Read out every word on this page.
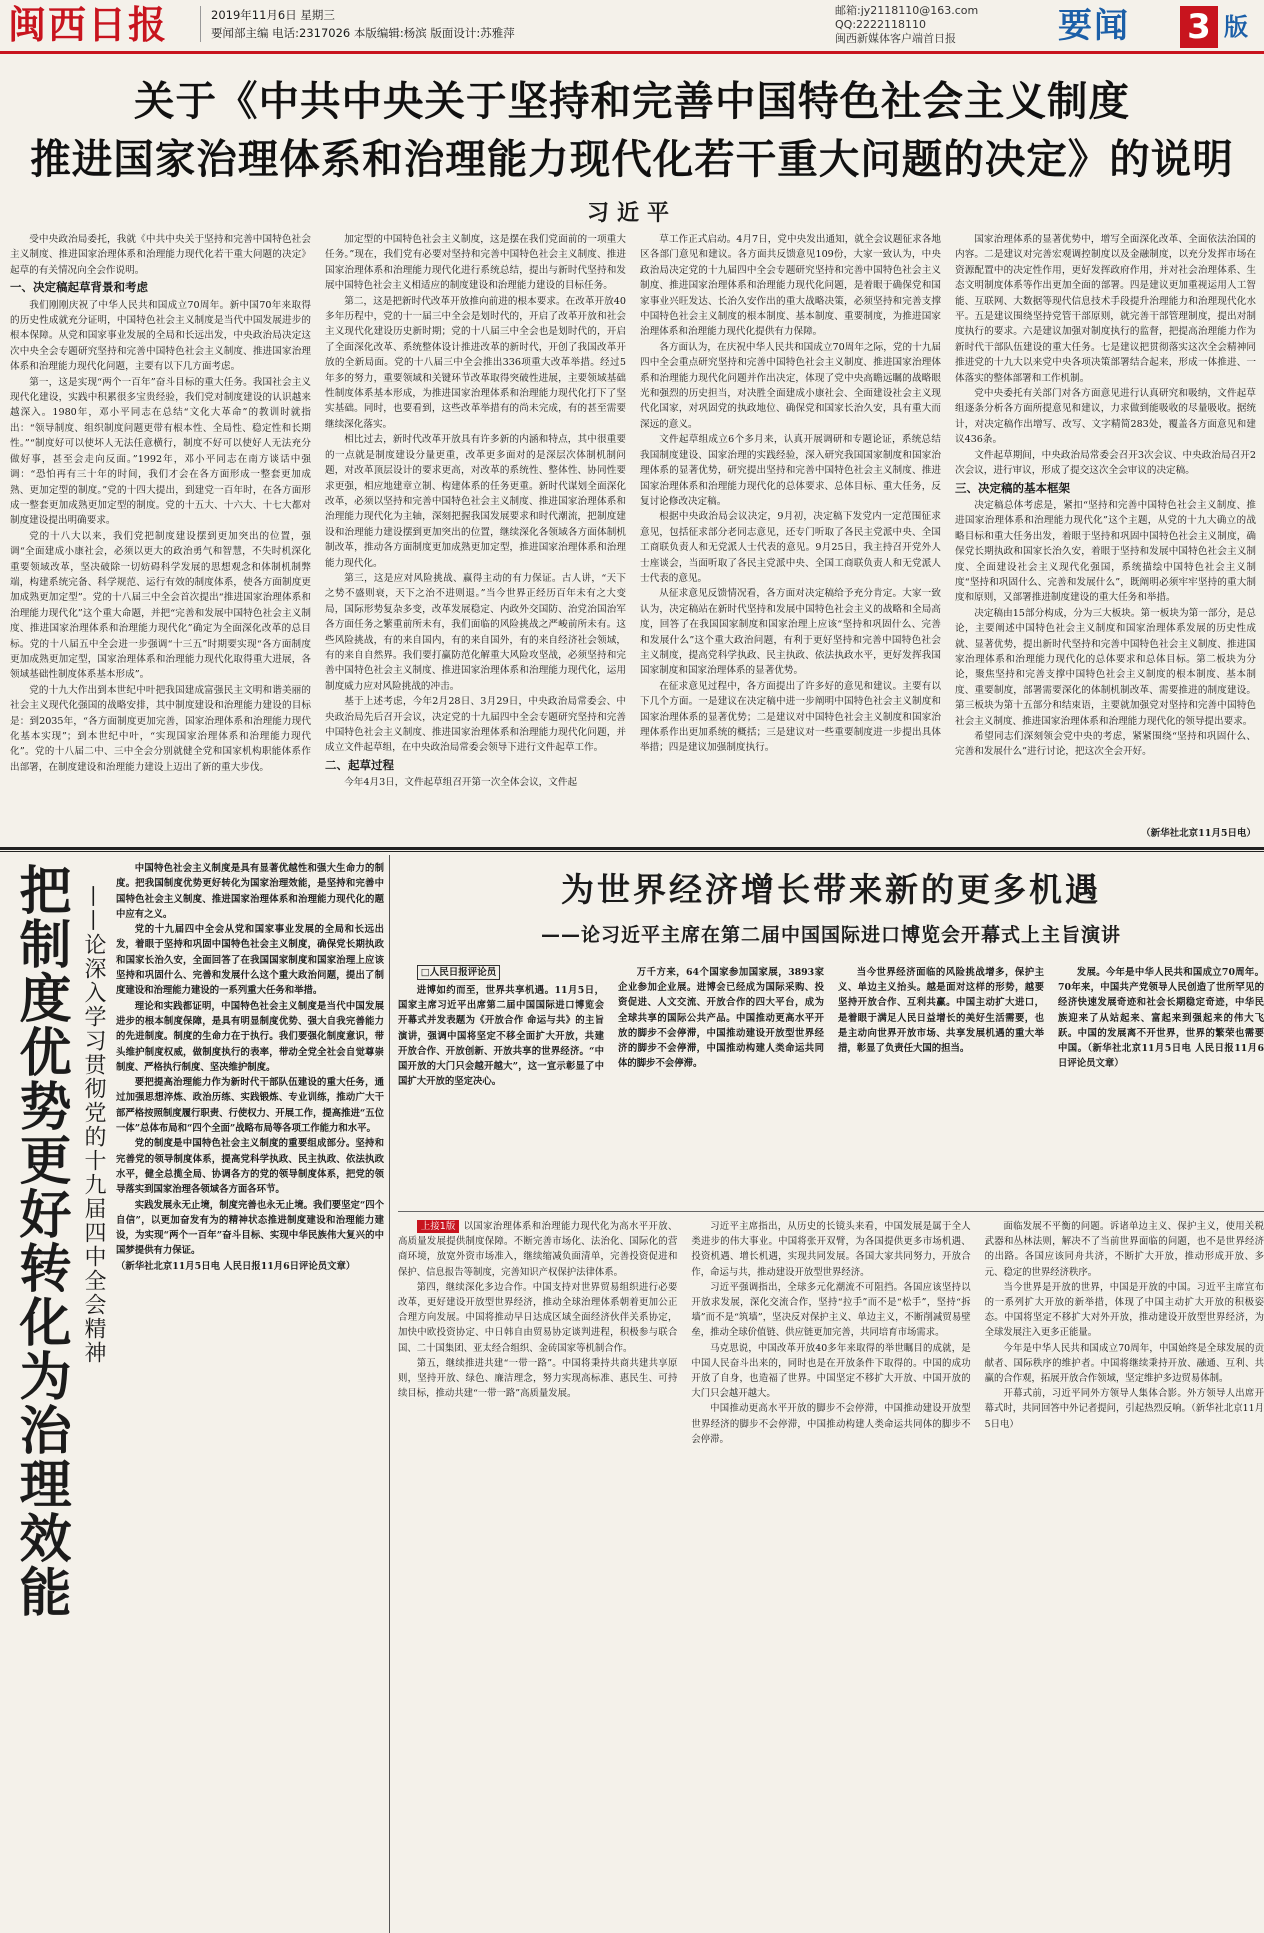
闽西日报	2019年11月6日 星期三
要闻部主编 电话:2317026 本版编辑:杨滨 版面设计:苏雅萍
邮箱:jy2118110@163.com
QQ:2222118110
闽西新媒体客户端首日报	要闻	3 版
关于《中共中央关于坚持和完善中国特色社会主义制度
推进国家治理体系和治理能力现代化若干重大问题的决定》的说明
习近平

受中央政治局委托，我就《中共中央关于坚持和完善中国特色社会主义制度、推进国家治理体系和治理能力现代化若干重大问题的决定》起草的有关情况向全会作说明。

一、决定稿起草背景和考虑

我们刚刚庆祝了中华人民共和国成立70周年。新中国70年来取得的历史性成就充分证明，中国特色社会主义制度是当代中国发展进步的根本保障。从党和国家事业发展的全局和长远出发，中央政治局决定这次中央全会专题研究坚持和完善中国特色社会主义制度、推进国家治理体系和治理能力现代化问题，主要有以下几方面考虑。

第一，这是实现“两个一百年”奋斗目标的重大任务。我国社会主义现代化建设，实践中积累很多宝贵经验，我们党对制度建设的认识越来越深入。1980年，邓小平同志在总结“文化大革命”的教训时就指出：“领导制度、组织制度问题更带有根本性、全局性、稳定性和长期性。”“制度好可以使坏人无法任意横行，制度不好可以使好人无法充分做好事，甚至会走向反面。”1992年，邓小平同志在南方谈话中强调：“恐怕再有三十年的时间，我们才会在各方面形成一整套更加成熟、更加定型的制度。”党的十四大提出，到建党一百年时，在各方面形成一整套更加成熟更加定型的制度。党的十五大、十六大、十七大都对制度建设提出明确要求。

党的十八大以来，我们党把制度建设摆到更加突出的位置，强调“全面建成小康社会，必须以更大的政治勇气和智慧，不失时机深化重要领域改革，坚决破除一切妨碍科学发展的思想观念和体制机制弊端，构建系统完备、科学规范、运行有效的制度体系，使各方面制度更加成熟更加定型”。党的十八届三中全会首次提出“推进国家治理体系和治理能力现代化”这个重大命题，并把“完善和发展中国特色社会主义制度、推进国家治理体系和治理能力现代化”确定为全面深化改革的总目标。党的十八届五中全会进一步强调“十三五”时期要实现“各方面制度更加成熟更加定型，国家治理体系和治理能力现代化取得重大进展，各领域基础性制度体系基本形成”。

党的十九大作出到本世纪中叶把我国建成富强民主文明和谐美丽的社会主义现代化强国的战略安排，其中制度建设和治理能力建设的目标是：到2035年，“各方面制度更加完善，国家治理体系和治理能力现代化基本实现”；到本世纪中叶，“实现国家治理体系和治理能力现代化”。党的十八届二中、三中全会分别就健全党和国家机构职能体系作出部署，在制度建设和治理能力建设上迈出了新的重大步伐。

加定型的中国特色社会主义制度，这是摆在我们党面前的一项重大任务。”现在，我们党有必要对坚持和完善中国特色社会主义制度、推进国家治理体系和治理能力现代化进行系统总结，提出与新时代坚持和发展中国特色社会主义相适应的制度建设和治理能力建设的目标任务。

第二，这是把新时代改革开放推向前进的根本要求。在改革开放40多年历程中，党的十一届三中全会是划时代的，开启了改革开放和社会主义现代化建设历史新时期；党的十八届三中全会也是划时代的，开启了全面深化改革、系统整体设计推进改革的新时代，开创了我国改革开放的全新局面。党的十八届三中全会推出336项重大改革举措。经过5年多的努力，重要领域和关键环节改革取得突破性进展，主要领域基础性制度体系基本形成，为推进国家治理体系和治理能力现代化打下了坚实基础。同时，也要看到，这些改革举措有的尚未完成，有的甚至需要继续深化落实。

相比过去，新时代改革开放具有许多新的内涵和特点，其中很重要的一点就是制度建设分量更重，改革更多面对的是深层次体制机制问题，对改革顶层设计的要求更高，对改革的系统性、整体性、协同性要求更强，相应地建章立制、构建体系的任务更重。新时代谋划全面深化改革，必须以坚持和完善中国特色社会主义制度、推进国家治理体系和治理能力现代化为主轴，深刻把握我国发展要求和时代潮流，把制度建设和治理能力建设摆到更加突出的位置，继续深化各领域各方面体制机制改革，推动各方面制度更加成熟更加定型，推进国家治理体系和治理能力现代化。

第三，这是应对风险挑战、赢得主动的有力保证。古人讲，“天下之势不盛则衰，天下之治不进则退。”当今世界正经历百年未有之大变局，国际形势复杂多变，改革发展稳定、内政外交国防、治党治国治军各方面任务之繁重前所未有，我们面临的风险挑战之严峻前所未有。这些风险挑战，有的来自国内，有的来自国外，有的来自经济社会领域，有的来自自然界。我们要打赢防范化解重大风险攻坚战，必须坚持和完善中国特色社会主义制度、推进国家治理体系和治理能力现代化，运用制度威力应对风险挑战的冲击。

基于上述考虑，今年2月28日、3月29日，中央政治局常委会、中央政治局先后召开会议，决定党的十九届四中全会专题研究坚持和完善中国特色社会主义制度、推进国家治理体系和治理能力现代化问题，并成立文件起草组，在中央政治局常委会领导下进行文件起草工作。

二、起草过程

今年4月3日，文件起草组召开第一次全体会议，文件起

草工作正式启动。4月7日，党中央发出通知，就全会议题征求各地区各部门意见和建议。各方面共反馈意见109份，大家一致认为，中央政治局决定党的十九届四中全会专题研究坚持和完善中国特色社会主义制度、推进国家治理体系和治理能力现代化问题，是着眼于确保党和国家事业兴旺发达、长治久安作出的重大战略决策，必须坚持和完善支撑中国特色社会主义制度的根本制度、基本制度、重要制度，为推进国家治理体系和治理能力现代化提供有力保障。

各方面认为，在庆祝中华人民共和国成立70周年之际，党的十九届四中全会重点研究坚持和完善中国特色社会主义制度、推进国家治理体系和治理能力现代化问题并作出决定，体现了党中央高瞻远瞩的战略眼光和强烈的历史担当，对决胜全面建成小康社会、全面建设社会主义现代化国家，对巩固党的执政地位、确保党和国家长治久安，具有重大而深远的意义。

文件起草组成立6个多月来，认真开展调研和专题论证，系统总结我国制度建设、国家治理的实践经验，深入研究我国国家制度和国家治理体系的显著优势，研究提出坚持和完善中国特色社会主义制度、推进国家治理体系和治理能力现代化的总体要求、总体目标、重大任务，反复讨论修改决定稿。

根据中央政治局会议决定，9月初，决定稿下发党内一定范围征求意见，包括征求部分老同志意见，还专门听取了各民主党派中央、全国工商联负责人和无党派人士代表的意见。9月25日，我主持召开党外人士座谈会，当面听取了各民主党派中央、全国工商联负责人和无党派人士代表的意见。

从征求意见反馈情况看，各方面对决定稿给予充分肯定。大家一致认为，决定稿站在新时代坚持和发展中国特色社会主义的战略和全局高度，回答了在我国国家制度和国家治理上应该“坚持和巩固什么、完善和发展什么”这个重大政治问题，有利于更好坚持和完善中国特色社会主义制度，提高党科学执政、民主执政、依法执政水平，更好发挥我国国家制度和国家治理体系的显著优势。

在征求意见过程中，各方面提出了许多好的意见和建议。主要有以下几个方面。一是建议在决定稿中进一步阐明中国特色社会主义制度和国家治理体系的显著优势；二是建议对中国特色社会主义制度和国家治理体系作出更加系统的概括；三是建议对一些重要制度进一步提出具体举措；四是建议加强制度执行。

国家治理体系的显著优势中，增写全面深化改革、全面依法治国的内容。二是建议对完善宏观调控制度以及金融制度，以充分发挥市场在资源配置中的决定性作用，更好发挥政府作用，并对社会治理体系、生态文明制度体系等作出更加全面的部署。四是建议更加重视运用人工智能、互联网、大数据等现代信息技术手段提升治理能力和治理现代化水平。五是建议围绕坚持党管干部原则，就完善干部管理制度，提出对制度执行的要求。六是建议加强对制度执行的监督，把提高治理能力作为新时代干部队伍建设的重大任务。七是建议把贯彻落实这次全会精神同推进党的十九大以来党中央各项决策部署结合起来，形成一体推进、一体落实的整体部署和工作机制。

党中央委托有关部门对各方面意见进行认真研究和吸纳，文件起草组逐条分析各方面所提意见和建议，力求做到能吸收的尽量吸收。据统计，对决定稿作出增写、改写、文字精简283处，覆盖各方面意见和建议436条。

文件起草期间，中央政治局常委会召开3次会议、中央政治局召开2次会议，进行审议，形成了提交这次全会审议的决定稿。

三、决定稿的基本框架

决定稿总体考虑是，紧扣“坚持和完善中国特色社会主义制度、推进国家治理体系和治理能力现代化”这个主题，从党的十九大确立的战略目标和重大任务出发，着眼于坚持和巩固中国特色社会主义制度，确保党长期执政和国家长治久安，着眼于坚持和发展中国特色社会主义制度、全面建设社会主义现代化强国，系统描绘中国特色社会主义制度“坚持和巩固什么、完善和发展什么”，既阐明必须牢牢坚持的重大制度和原则，又部署推进制度建设的重大任务和举措。

决定稿由15部分构成，分为三大板块。第一板块为第一部分，是总论，主要阐述中国特色社会主义制度和国家治理体系发展的历史性成就、显著优势，提出新时代坚持和完善中国特色社会主义制度、推进国家治理体系和治理能力现代化的总体要求和总体目标。第二板块为分论，聚焦坚持和完善支撑中国特色社会主义制度的根本制度、基本制度、重要制度，部署需要深化的体制机制改革、需要推进的制度建设。第三板块为第十五部分和结束语，主要就加强党对坚持和完善中国特色社会主义制度、推进国家治理体系和治理能力现代化的领导提出要求。

希望同志们深刻领会党中央的考虑，紧紧围绕“坚持和巩固什么、完善和发展什么”进行讨论，把这次全会开好。

（新华社北京11月5日电）
把制度优势更好转化为治理效能 ——论深入学习贯彻党的十九届四中全会精神

中国特色社会主义制度是具有显著优越性和强大生命力的制度。把我国制度优势更好转化为国家治理效能，是坚持和完善中国特色社会主义制度、推进国家治理体系和治理能力现代化的题中应有之义。

党的十九届四中全会从党和国家事业发展的全局和长远出发，着眼于坚持和巩固中国特色社会主义制度，确保党长期执政和国家长治久安，全面回答了在我国国家制度和国家治理上应该坚持和巩固什么、完善和发展什么这个重大政治问题，提出了制度建设和治理能力建设的一系列重大任务和举措。

理论和实践都证明，中国特色社会主义制度是当代中国发展进步的根本制度保障，是具有明显制度优势、强大自我完善能力的先进制度。制度的生命力在于执行。我们要强化制度意识，带头维护制度权威，做制度执行的表率，带动全党全社会自觉尊崇制度、严格执行制度、坚决维护制度。

要把提高治理能力作为新时代干部队伍建设的重大任务，通过加强思想淬炼、政治历练、实践锻炼、专业训练，推动广大干部严格按照制度履行职责、行使权力、开展工作，提高推进“五位一体”总体布局和“四个全面”战略布局等各项工作能力和水平。

党的制度是中国特色社会主义制度的重要组成部分。坚持和完善党的领导制度体系，提高党科学执政、民主执政、依法执政水平，健全总揽全局、协调各方的党的领导制度体系，把党的领导落实到国家治理各领域各方面各环节。

实践发展永无止境，制度完善也永无止境。我们要坚定“四个自信”，以更加奋发有为的精神状态推进制度建设和治理能力建设，为实现“两个一百年”奋斗目标、实现中华民族伟大复兴的中国梦提供有力保证。

（新华社北京11月5日电 人民日报11月6日评论员文章）

为世界经济增长带来新的更多机遇
——论习近平主席在第二届中国国际进口博览会开幕式上主旨演讲
□人民日报评论员

进博如约而至，世界共享机遇。11月5日，国家主席习近平出席第二届中国国际进口博览会开幕式并发表题为《开放合作 命运与共》的主旨演讲，强调中国将坚定不移全面扩大开放，共建开放合作、开放创新、开放共享的世界经济。“中国开放的大门只会越开越大”，这一宣示彰显了中国扩大开放的坚定决心。

万千方来，64个国家参加国家展，3893家企业参加企业展。进博会已经成为国际采购、投资促进、人文交流、开放合作的四大平台，成为全球共享的国际公共产品。中国推动更高水平开放的脚步不会停滞，中国推动建设开放型世界经济的脚步不会停滞，中国推动构建人类命运共同体的脚步不会停滞。

当今世界经济面临的风险挑战增多，保护主义、单边主义抬头。越是面对这样的形势，越要坚持开放合作、互利共赢。中国主动扩大进口，是着眼于满足人民日益增长的美好生活需要，也是主动向世界开放市场、共享发展机遇的重大举措，彰显了负责任大国的担当。

发展。今年是中华人民共和国成立70周年。70年来，中国共产党领导人民创造了世所罕见的经济快速发展奇迹和社会长期稳定奇迹，中华民族迎来了从站起来、富起来到强起来的伟大飞跃。中国的发展离不开世界，世界的繁荣也需要中国。（新华社北京11月5日电 人民日报11月6日评论员文章）

上接1版 以国家治理体系和治理能力现代化为高水平开放、高质量发展提供制度保障。不断完善市场化、法治化、国际化的营商环境，放宽外资市场准入，继续缩减负面清单，完善投资促进和保护、信息报告等制度，完善知识产权保护法律体系。

第四，继续深化多边合作。中国支持对世界贸易组织进行必要改革，更好建设开放型世界经济，推动全球治理体系朝着更加公正合理方向发展。中国将推动早日达成区域全面经济伙伴关系协定，加快中欧投资协定、中日韩自由贸易协定谈判进程，积极参与联合国、二十国集团、亚太经合组织、金砖国家等机制合作。

第五，继续推进共建“一带一路”。中国将秉持共商共建共享原则，坚持开放、绿色、廉洁理念，努力实现高标准、惠民生、可持续目标，推动共建“一带一路”高质量发展。

习近平主席指出，从历史的长镜头来看，中国发展是属于全人类进步的伟大事业。中国将张开双臂，为各国提供更多市场机遇、投资机遇、增长机遇，实现共同发展。各国大家共同努力，开放合作，命运与共，推动建设开放型世界经济。

习近平强调指出，全球多元化潮流不可阻挡。各国应该坚持以开放求发展，深化交流合作，坚持“拉手”而不是“松手”，坚持“拆墙”而不是“筑墙”，坚决反对保护主义、单边主义，不断削减贸易壁垒，推动全球价值链、供应链更加完善，共同培育市场需求。

马克思说，中国改革开放40多年来取得的举世瞩目的成就，是中国人民奋斗出来的，同时也是在开放条件下取得的。中国的成功开放了自身，也造福了世界。中国坚定不移扩大开放、中国开放的大门只会越开越大。

中国推动更高水平开放的脚步不会停滞，中国推动建设开放型世界经济的脚步不会停滞，中国推动构建人类命运共同体的脚步不会停滞。

面临发展不平衡的问题。诉诸单边主义、保护主义，使用关税武器和丛林法则，解决不了当前世界面临的问题，也不是世界经济的出路。各国应该同舟共济，不断扩大开放，推动形成开放、多元、稳定的世界经济秩序。

当今世界是开放的世界，中国是开放的中国。习近平主席宣布的一系列扩大开放的新举措，体现了中国主动扩大开放的积极姿态。中国将坚定不移扩大对外开放，推动建设开放型世界经济，为全球发展注入更多正能量。

今年是中华人民共和国成立70周年，中国始终是全球发展的贡献者、国际秩序的维护者。中国将继续秉持开放、融通、互利、共赢的合作观，拓展开放合作领域，坚定维护多边贸易体制。

开幕式前，习近平同外方领导人集体合影。外方领导人出席开幕式时，共同回答中外记者提问，引起热烈反响。（新华社北京11月5日电）
